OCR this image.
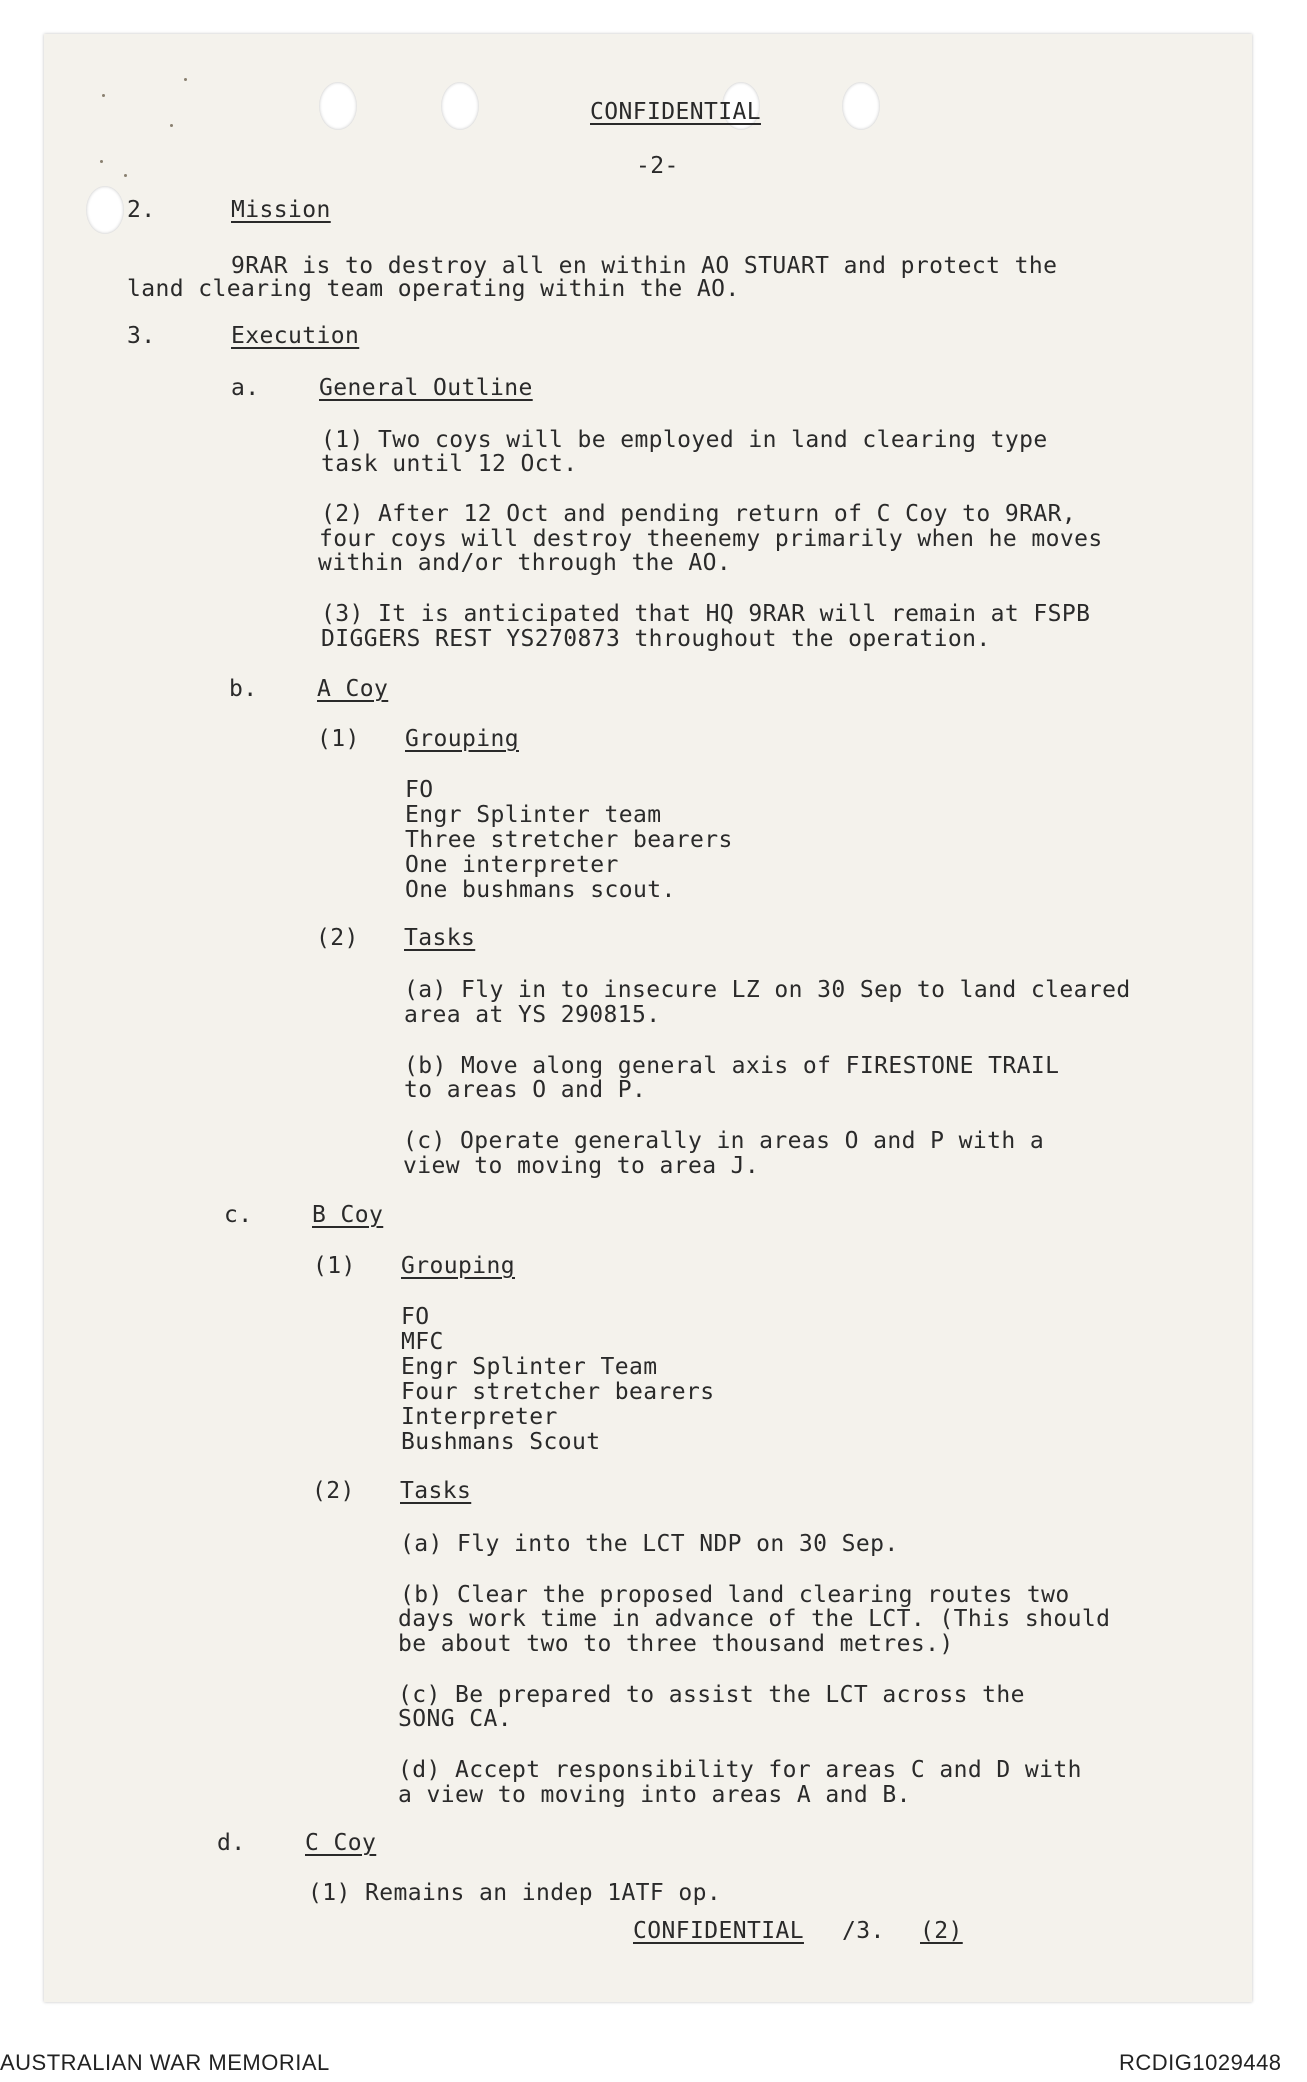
CONFIDENTIAL
-2-
2.	Mission
9RAR is to destroy all en within AO STUART and protect the
land clearing team operating within the AO.
3.	Execution
a.	General Outline
(1) Two coys will be employed in land clearing type
task until 12 Oct.
(2) After 12 Oct and pending return of C Coy to 9RAR,
four coys will destroy theenemy primarily when he moves
within and/or through the AO.
(3) It is anticipated that HQ 9RAR will remain at FSPB
DIGGERS REST YS270873 throughout the operation.
b.	A Coy
(1) Grouping
FO
Engr Splinter team
Three stretcher bearers
One interpreter
One bushmans scout.
(2) Tasks
(a) Fly in to insecure LZ on 30 Sep to land cleared
area at YS 290815.
(b) Move along general axis of FIRESTONE TRAIL
to areas O and P.
(c) Operate generally in areas O and P with a
view to moving to area J.
c.	B Coy
(1) Grouping
FO
MFC
Engr Splinter Team
Four stretcher bearers
Interpreter
Bushmans Scout
(2) Tasks
(a) Fly into the LCT NDP on 30 Sep.
(b) Clear the proposed land clearing routes two
days work time in advance of the LCT. (This should
be about two to three thousand metres.)
(c) Be prepared to assist the LCT across the
SONG CA.
(d) Accept responsibility for areas C and D with
a view to moving into areas A and B.
d.	C Coy
(1) Remains an indep 1ATF op.
CONFIDENTIAL /3. (2)
AUSTRALIAN WAR MEMORIAL	RCDIG1029448
